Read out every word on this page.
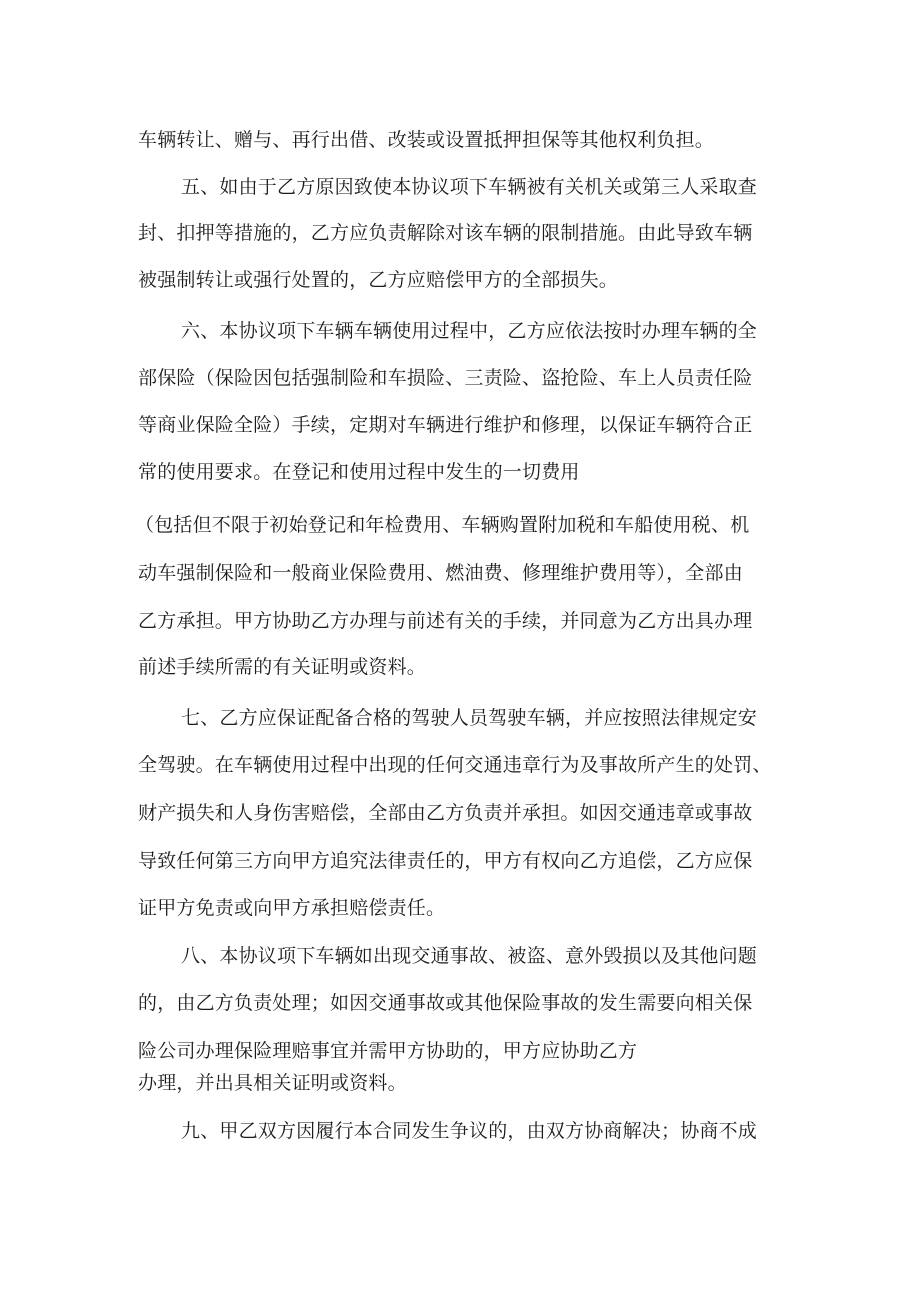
车辆转让、赠与、再行出借、改装或设置抵押担保等其他权利负担。
五、如由于乙方原因致使本协议项下车辆被有关机关或第三人采取查
封、扣押等措施的，乙方应负责解除对该车辆的限制措施。由此导致车辆
被强制转让或强行处置的，乙方应赔偿甲方的全部损失。
六、本协议项下车辆车辆使用过程中，乙方应依法按时办理车辆的全
部保险（保险因包括强制险和车损险、三责险、盗抢险、车上人员责任险
等商业保险全险）手续，定期对车辆进行维护和修理，以保证车辆符合正
常的使用要求。在登记和使用过程中发生的一切费用
（包括但不限于初始登记和年检费用、车辆购置附加税和车船使用税、机
动车强制保险和一般商业保险费用、燃油费、修理维护费用等），全部由
乙方承担。甲方协助乙方办理与前述有关的手续，并同意为乙方出具办理
前述手续所需的有关证明或资料。
七、乙方应保证配备合格的驾驶人员驾驶车辆，并应按照法律规定安
全驾驶。在车辆使用过程中出现的任何交通违章行为及事故所产生的处罚、
财产损失和人身伤害赔偿，全部由乙方负责并承担。如因交通违章或事故
导致任何第三方向甲方追究法律责任的，甲方有权向乙方追偿，乙方应保
证甲方免责或向甲方承担赔偿责任。
八、本协议项下车辆如出现交通事故、被盗、意外毁损以及其他问题
的，由乙方负责处理；如因交通事故或其他保险事故的发生需要向相关保
险公司办理保险理赔事宜并需甲方协助的，甲方应协助乙方
办理，并出具相关证明或资料。
九、甲乙双方因履行本合同发生争议的，由双方协商解决；协商不成
